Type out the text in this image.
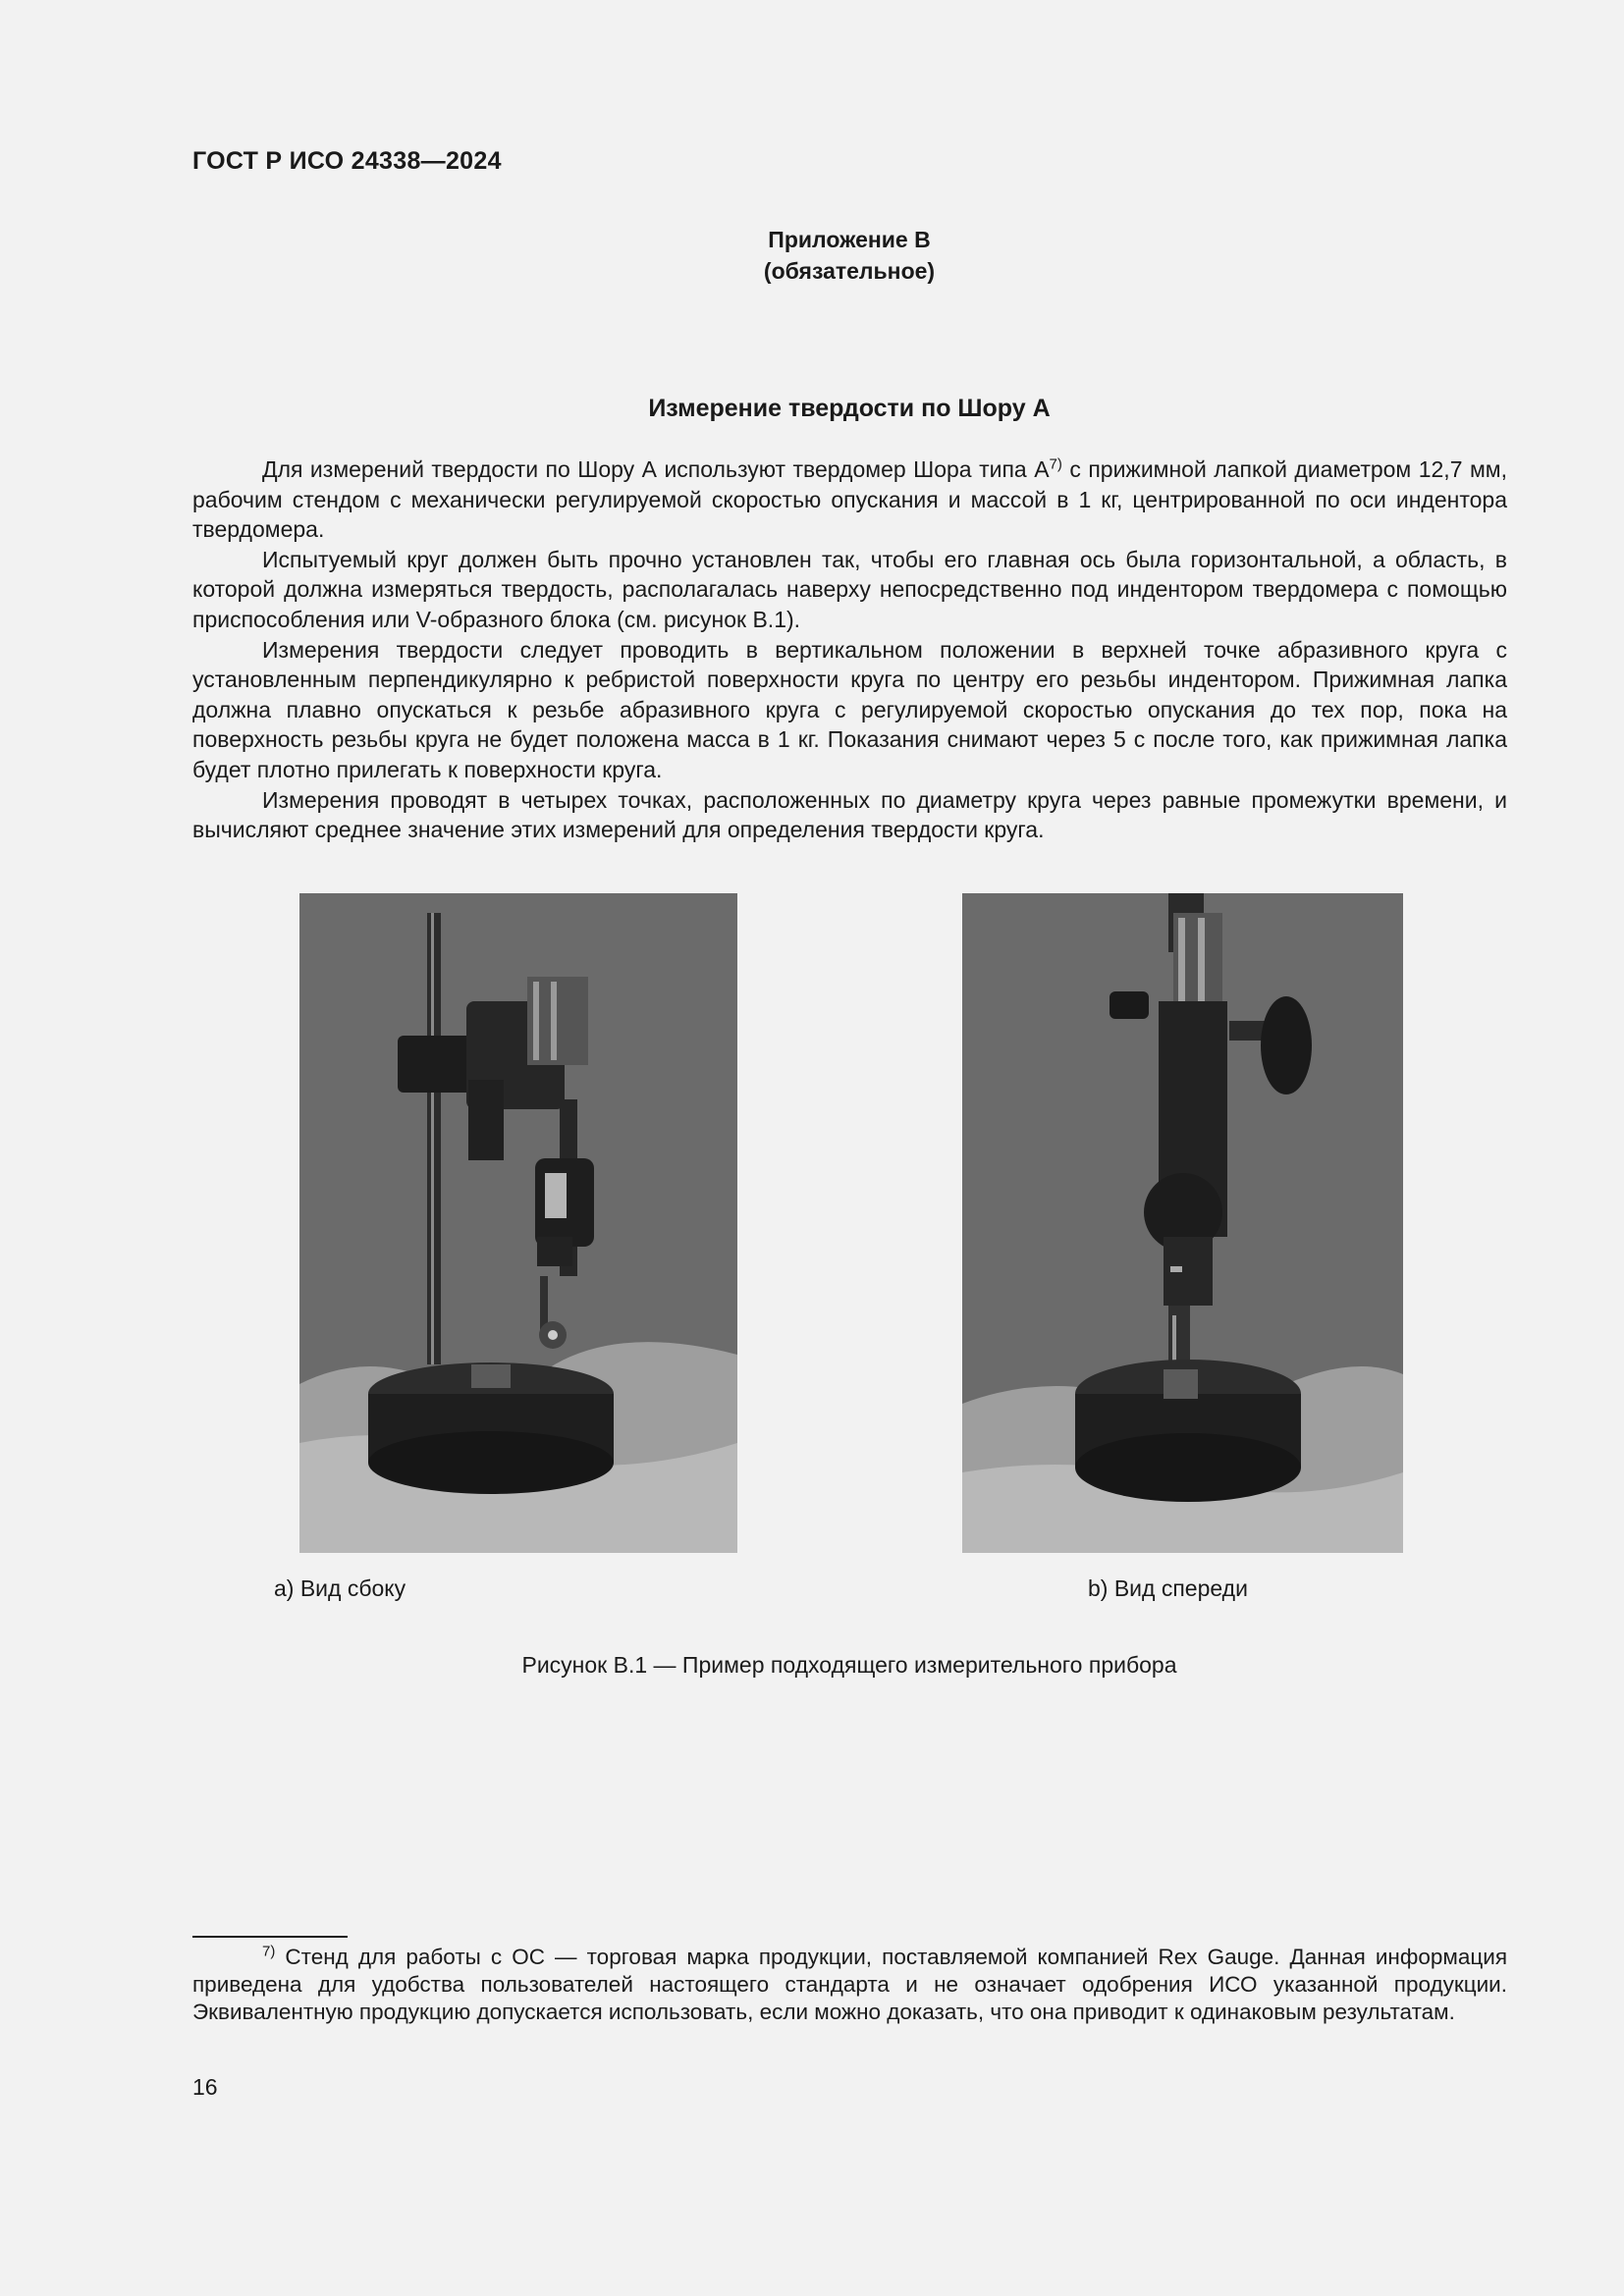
ГОСТ Р ИСО 24338—2024
Приложение В
(обязательное)
Измерение твердости по Шору А

Для измерений твердости по Шору А используют твердомер Шора типа $А^{7)}$ с прижимной лапкой диаметром 12,7 мм, рабочим стендом с механически регулируемой скоростью опускания и массой в 1 кг, центрированной по оси индентора твердомера.

Испытуемый круг должен быть прочно установлен так, чтобы его главная ось была горизонтальной, а область, в которой должна измеряться твердость, располагалась наверху непосредственно под индентором твердомера с помощью приспособления или V-образного блока (см. рисунок В.1).

Измерения твердости следует проводить в вертикальном положении в верхней точке абразивного круга с установленным перпендикулярно к ребристой поверхности круга по центру его резьбы индентором. Прижимная лапка должна плавно опускаться к резьбе абразивного круга с регулируемой скоростью опускания до тех пор, пока на поверхность резьбы круга не будет положена масса в 1 кг. Показания снимают через 5 с после того, как прижимная лапка будет плотно прилегать к поверхности круга.

Измерения проводят в четырех точках, расположенных по диаметру круга через равные промежутки времени, и вычисляют среднее значение этих измерений для определения твердости круга.

a) Вид сбоку	b) Вид спереди
Рисунок В.1 — Пример подходящего измерительного прибора

$^{7)}$ Стенд для работы с ОС — торговая марка продукции, поставляемой компанией Rex Gauge. Данная информация приведена для удобства пользователей настоящего стандарта и не означает одобрения ИСО указанной продукции. Эквивалентную продукцию допускается использовать, если можно доказать, что она приводит к одинаковым результатам.

16
